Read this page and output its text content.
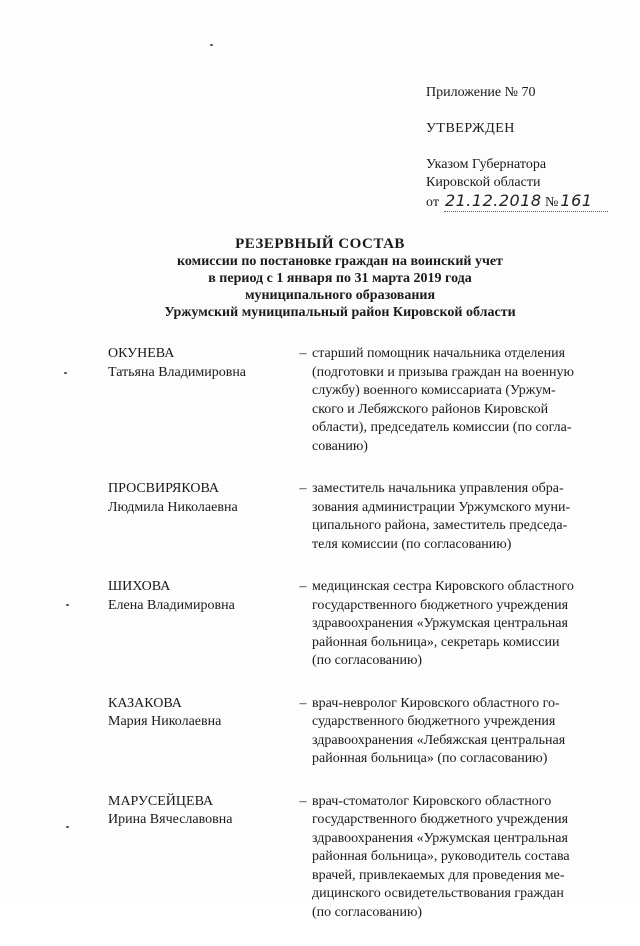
Приложение № 70
УТВЕРЖДЕН
Указом Губернатора
Кировской области
от 21.12.2018 № 161
РЕЗЕРВНЫЙ СОСТАВ
комиссии по постановке граждан на воинский учет
в период с 1 января по 31 марта 2019 года
муниципального образования
Уржумский муниципальный район Кировской области
ОКУНЕВА
Татьяна Владимировна
– старший помощник начальника отделения
(подготовки и призыва граждан на военную
службу) военного комиссариата (Уржум-
ского и Лебяжского районов Кировской
области), председатель комиссии (по согла-
сованию)
ПРОСВИРЯКОВА
Людмила Николаевна
– заместитель начальника управления обра-
зования администрации Уржумского муни-
ципального района, заместитель председа-
теля комиссии (по согласованию)
ШИХОВА
Елена Владимировна
– медицинская сестра Кировского областного
государственного бюджетного учреждения
здравоохранения «Уржумская центральная
районная больница», секретарь комиссии
(по согласованию)
КАЗАКОВА
Мария Николаевна
– врач-невролог Кировского областного го-
сударственного бюджетного учреждения
здравоохранения «Лебяжская центральная
районная больница» (по согласованию)
МАРУСЕЙЦЕВА
Ирина Вячеславовна
– врач-стоматолог Кировского областного
государственного бюджетного учреждения
здравоохранения «Уржумская центральная
районная больница», руководитель состава
врачей, привлекаемых для проведения ме-
дицинского освидетельствования граждан
(по согласованию)
